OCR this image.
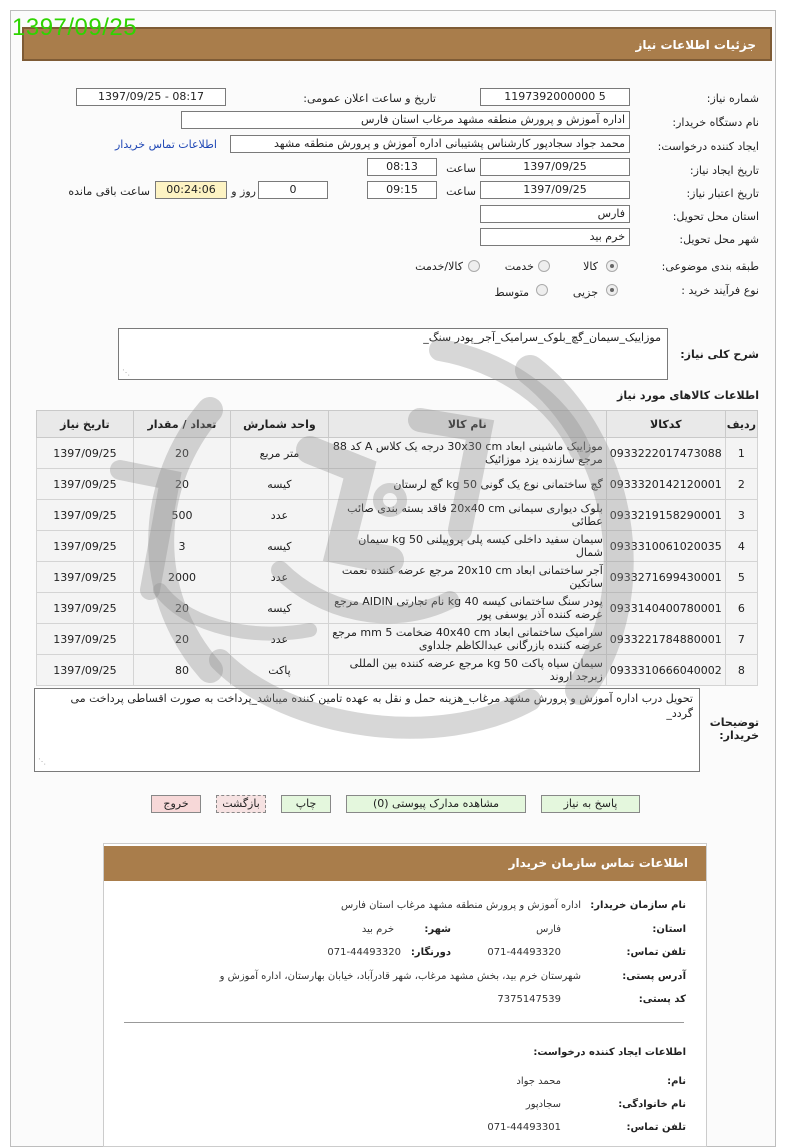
1397/09/25
جزئیات اطلاعات نیاز
شماره نیاز:
1197392000000 5
تاریخ و ساعت اعلان عمومی:
1397/09/25 - 08:17
نام دستگاه خریدار:
اداره آموزش و پرورش منطقه مشهد مرغاب استان فارس
ایجاد کننده درخواست:
محمد جواد سجادپور کارشناس پشتیبانی اداره آموزش و پرورش منطقه مشهد
اطلاعات تماس خریدار
تاریخ ایجاد نیاز:
1397/09/25
ساعت
08:13
تاریخ اعتبار نیاز:
1397/09/25
ساعت
09:15
0
روز و
00:24:06
ساعت باقی مانده
استان محل تحویل:
فارس
شهر محل تحویل:
خرم بید
طبقه بندی موضوعی:
کالا
خدمت
کالا/خدمت
نوع فرآیند خرید :
جزیی
متوسط
شرح کلی نیاز:
موزاییک_سیمان_گچ_بلوک_سرامیک_آجر_پودر سنگ_
⋰
اطلاعات کالاهای مورد نیاز
ردیف	کدکالا	نام کالا	واحد شمارش	تعداد / مقدار	تاریخ نیاز
1	0933222017473088	موزاییک ماشینی ابعاد 30x30 cm درجه یک کلاس A کد 88 مرجع سازنده یزد موزائیک	متر مربع	20	1397/09/25
2	0933320142120001	گچ ساختمانی نوع یک گونی 50 kg گچ لرستان	کیسه	20	1397/09/25
3	0933219158290001	بلوک دیواری سیمانی 20x40 cm فاقد بسته بندی صائب عطائی	عدد	500	1397/09/25
4	0933310061020035	سیمان سفید داخلی کیسه پلی پروپیلنی 50 kg سیمان شمال	کیسه	3	1397/09/25
5	0933271699430001	آجر ساختمانی ابعاد 20x10 cm مرجع عرضه کننده نعمت ساتکین	عدد	2000	1397/09/25
6	0933140400780001	پودر سنگ ساختمانی کیسه 40 kg نام تجارتی AIDIN مرجع عرضه کننده آذر یوسفی پور	کیسه	20	1397/09/25
7	0933221784880001	سرامیک ساختمانی ابعاد 40x40 cm ضخامت 5 mm مرجع عرضه کننده بازرگانی عبدالکاظم جلداوی	عدد	20	1397/09/25
8	0933310666040002	سیمان سیاه پاکت 50 kg مرجع عرضه کننده بین المللی زبرجد اروند	پاکت	80	1397/09/25
توضیحات خریدار:
تحویل درب اداره آموزش و پرورش مشهد مرغاب_هزینه حمل و نقل به عهده تامین کننده میباشد_پرداخت به صورت اقساطی پرداخت می گردد_
⋰
پاسخ به نیاز
مشاهده مدارک پیوستی (0)
چاپ
بازگشت
خروج
اطلاعات تماس سازمان خریدار
نام سازمان خریدار:
اداره آموزش و پرورش منطقه مشهد مرغاب استان فارس
استان:
فارس
شهر:
خرم بید
تلفن تماس:
071-44493320
دورنگار:
071-44493320
آدرس پستی:
شهرستان خرم بید، بخش مشهد مرغاب، شهر قادرآباد، خیابان بهارستان، اداره آموزش و
کد پستی:
7375147539
اطلاعات ایجاد کننده درخواست:
نام:
محمد جواد
نام خانوادگی:
سجادپور
تلفن تماس:
071-44493301
